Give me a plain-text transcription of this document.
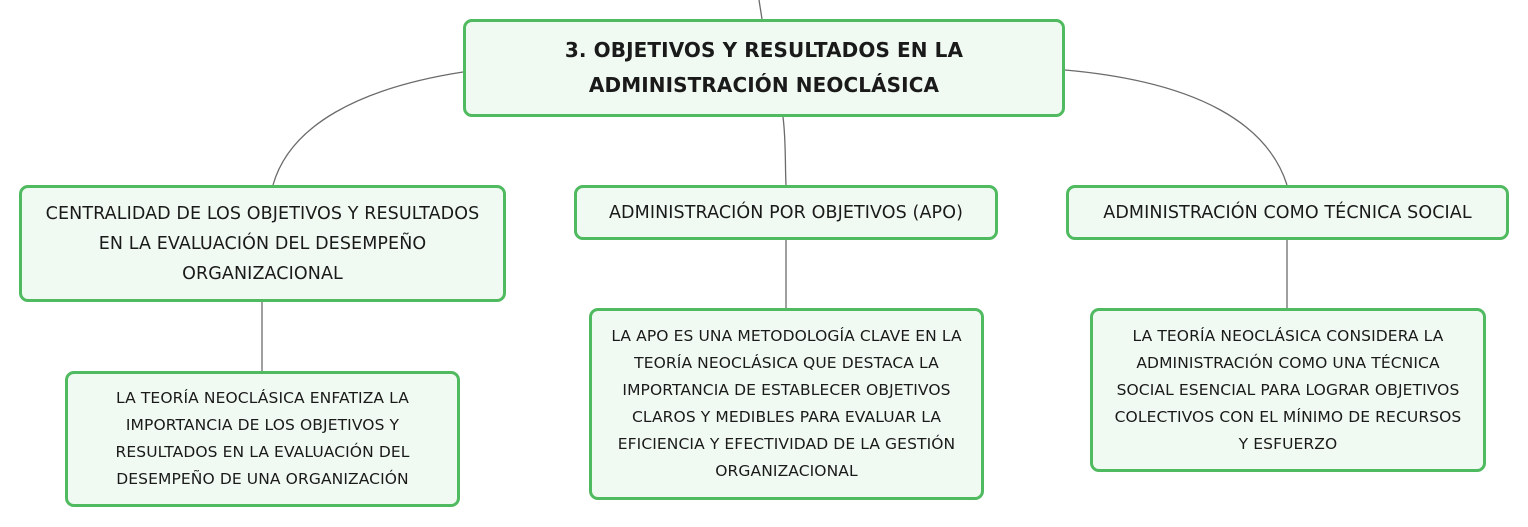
3. OBJETIVOS Y RESULTADOS EN LA
ADMINISTRACIÓN NEOCLÁSICA
CENTRALIDAD DE LOS OBJETIVOS Y RESULTADOS
EN LA EVALUACIÓN DEL DESEMPEÑO
ORGANIZACIONAL
ADMINISTRACIÓN POR OBJETIVOS (APO)	ADMINISTRACIÓN COMO TÉCNICA SOCIAL
LA TEORÍA NEOCLÁSICA ENFATIZA LA
IMPORTANCIA DE LOS OBJETIVOS Y
RESULTADOS EN LA EVALUACIÓN DEL
DESEMPEÑO DE UNA ORGANIZACIÓN
LA APO ES UNA METODOLOGÍA CLAVE EN LA
TEORÍA NEOCLÁSICA QUE DESTACA LA
IMPORTANCIA DE ESTABLECER OBJETIVOS
CLAROS Y MEDIBLES PARA EVALUAR LA
EFICIENCIA Y EFECTIVIDAD DE LA GESTIÓN
ORGANIZACIONAL
LA TEORÍA NEOCLÁSICA CONSIDERA LA
ADMINISTRACIÓN COMO UNA TÉCNICA
SOCIAL ESENCIAL PARA LOGRAR OBJETIVOS
COLECTIVOS CON EL MÍNIMO DE RECURSOS
Y ESFUERZO
